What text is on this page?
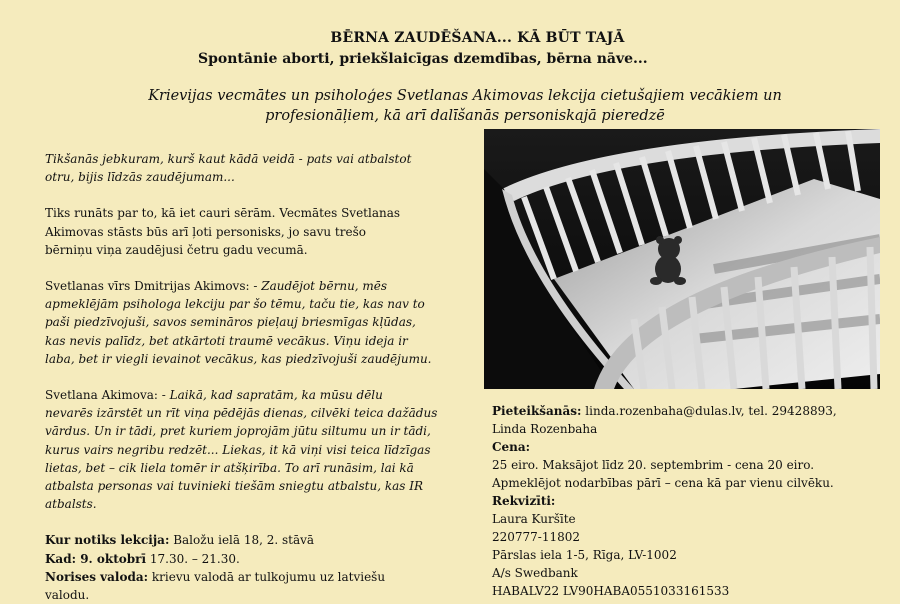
BĒRNA ZAUDĒŠANA... KĀ BŪT TAJĀ
Spontānie aborti, priekšlaicīgas dzemdības, bērna nāve...
Krievijas vecmātes un psiholoģes Svetlanas Akimovas lekcija cietušajiem vecākiem un
profesionāļiem, kā arī dalīšanās personiskajā pieredzē

Tikšanās jebkuram, kurš kaut kādā veidā - pats vai atbalstot
otru, bijis līdzās zaudējumam...

Tiks runāts par to, kā iet cauri sērām. Vecmātes Svetlanas
Akimovas stāsts būs arī ļoti personisks, jo savu trešo
bērniņu viņa zaudējusi četru gadu vecumā.

Svetlanas vīrs Dmitrijas Akimovs: - Zaudējot bērnu, mēs
apmeklējām psihologa lekciju par šo tēmu, taču tie, kas nav to
paši piedzīvojuši, savos semināros pieļauj briesmīgas kļūdas,
kas nevis palīdz, bet atkārtoti traumē vecākus. Viņu ideja ir
laba, bet ir viegli ievainot vecākus, kas piedzīvojuši zaudējumu.

Svetlana Akimova: - Laikā, kad sapratām, ka mūsu dēlu
nevarēs izārstēt un rīt viņa pēdējās dienas, cilvēki teica dažādus
vārdus. Un ir tādi, pret kuriem joprojām jūtu siltumu un ir tādi,
kurus vairs negribu redzēt... Liekas, it kā viņi visi teica līdzīgas
lietas, bet – cik liela tomēr ir atšķirība. To arī runāsim, lai kā
atbalsta personas vai tuvinieki tiešām sniegtu atbalstu, kas IR
atbalsts.

Kur notiks lekcija: Baložu ielā 18, 2. stāvā
Kad: 9. oktobrī 17.30. – 21.30.
Norises valoda: krievu valodā ar tulkojumu uz latviešu
valodu.
Pieteikšanās: linda.rozenbaha@dulas.lv, tel. 29428893,
Linda Rozenbaha
Cena:
25 eiro. Maksājot līdz 20. septembrim - cena 20 eiro.
Apmeklējot nodarbības pārī – cena kā par vienu cilvēku.
Rekvizīti:
Laura Kuršīte
220777-11802
Pārslas iela 1-5, Rīga, LV-1002
A/s Swedbank
HABALV22 LV90HABA0551033161533
